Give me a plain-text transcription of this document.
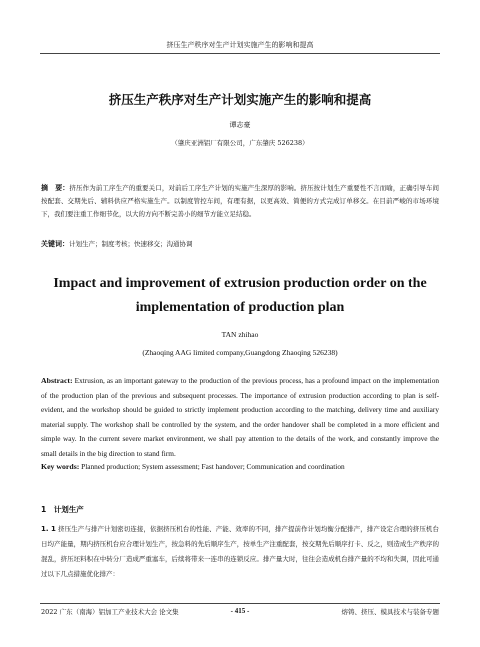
挤压生产秩序对生产计划实施产生的影响和提高
挤压生产秩序对生产计划实施产生的影响和提高
谭志豪
（肇庆亚洲铝厂有限公司，广东肇庆 526238）
摘　要：挤压作为前工序生产的重要关口，对前后工序生产计划的实施产生深厚的影响。挤压按计划生产重要性不言而喻，正确引导车间按配套、交期先后、辅料供应严格实施生产。以制度管控车间，有理有据，以更高效、简便的方式完成订单移交。在目前严峻的市场环境下，我们要注重工作细节化，以大的方向不断完善小的细节方能立足结稳。
关键词：计划生产；制度考核；快速移交；沟通协调
Impact and improvement of extrusion production order on the implementation of production plan
TAN zhihao
(Zhaoqing AAG limited company,Guangdong Zhaoqing 526238)
Abstract: Extrusion, as an important gateway to the production of the previous process, has a profound impact on the implementation of the production plan of the previous and subsequent processes. The importance of extrusion production according to plan is self-evident, and the workshop should be guided to strictly implement production according to the matching, delivery time and auxiliary material supply. The workshop shall be controlled by the system, and the order handover shall be completed in a more efficient and simple way. In the current severe market environment, we shall pay attention to the details of the work, and constantly improve the small details in the big direction to stand firm.
Key words: Planned production; System assessment; Fast handover; Communication and coordination
1　计划生产
1. 1 挤压生产与排产计划密切连接，依据挤压机台的性能、产能、效率的不同，排产提前作计划均衡分配排产，排产设定合理的挤压机台日均产能量，期内挤压机台应合理计划生产，按急料的先后顺序生产，按单生产注重配套，按交期先后顺序打卡、反之，则造成生产秩序的混乱，挤压坯料积在中转分厂造成严重塞车，后续将带来一连串的连锁反应。排产量大时，往往会造成机台排产量的不均和失调，因此可通过以下几点措施优化排产：
2022 广东（南海）铝加工产业技术大会 论文集	- 415 -	熔铸、挤压、模具技术与装备专题
